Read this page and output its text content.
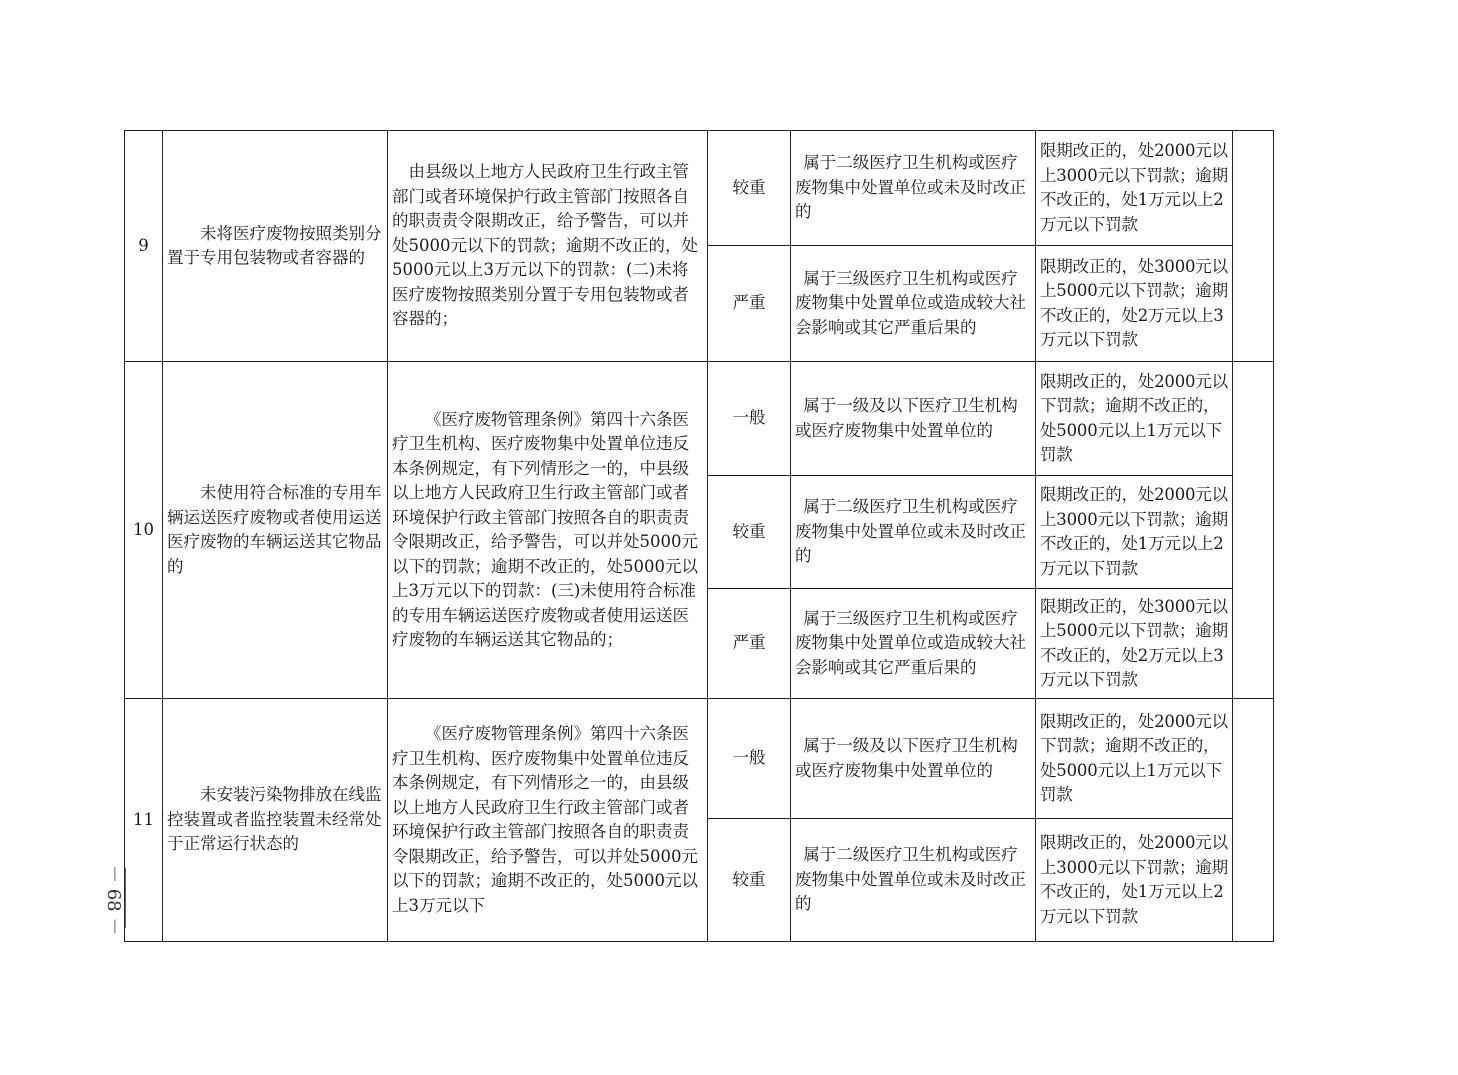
9	未将医疗废物按照类别分置于专用包装物或者容器的	由县级以上地方人民政府卫生行政主管部门或者环境保护行政主管部门按照各自的职责责令限期改正，给予警告，可以并处5000元以下的罚款；逾期不改正的，处5000元以上3万元以下的罚款：(二)未将医疗废物按照类别分置于专用包装物或者容器的；	较重	属于二级医疗卫生机构或医疗废物集中处置单位或未及时改正的	限期改正的，处2000元以上3000元以下罚款；逾期不改正的，处1万元以上2万元以下罚款	
			严重	属于三级医疗卫生机构或医疗废物集中处置单位或造成较大社会影响或其它严重后果的	限期改正的，处3000元以上5000元以下罚款；逾期不改正的，处2万元以上3万元以下罚款	
10	未使用符合标准的专用车辆运送医疗废物或者使用运送医疗废物的车辆运送其它物品的	《医疗废物管理条例》第四十六条医疗卫生机构、医疗废物集中处置单位违反本条例规定，有下列情形之一的，中县级以上地方人民政府卫生行政主管部门或者环境保护行政主管部门按照各自的职责责令限期改正，给予警告，可以并处5000元以下的罚款；逾期不改正的，处5000元以上3万元以下的罚款：(三)未使用符合标准的专用车辆运送医疗废物或者使用运送医疗废物的车辆运送其它物品的；	一般	属于一级及以下医疗卫生机构或医疗废物集中处置单位的	限期改正的，处2000元以下罚款；逾期不改正的，处5000元以上1万元以下罚款	
			较重	属于二级医疗卫生机构或医疗废物集中处置单位或未及时改正的	限期改正的，处2000元以上3000元以下罚款；逾期不改正的，处1万元以上2万元以下罚款	
			严重	属于三级医疗卫生机构或医疗废物集中处置单位或造成较大社会影响或其它严重后果的	限期改正的，处3000元以上5000元以下罚款；逾期不改正的，处2万元以上3万元以下罚款	
11	未安装污染物排放在线监控装置或者监控装置未经常处于正常运行状态的	《医疗废物管理条例》第四十六条医疗卫生机构、医疗废物集中处置单位违反本条例规定，有下列情形之一的，由县级以上地方人民政府卫生行政主管部门或者环境保护行政主管部门按照各自的职责责令限期改正，给予警告，可以并处5000元以下的罚款；逾期不改正的，处5000元以上3万元以下	一般	属于一级及以下医疗卫生机构或医疗废物集中处置单位的	限期改正的，处2000元以下罚款；逾期不改正的，处5000元以上1万元以下罚款	
			较重	属于二级医疗卫生机构或医疗废物集中处置单位或未及时改正的	限期改正的，处2000元以上3000元以下罚款；逾期不改正的，处1万元以上2万元以下罚款	
－ 68 －
